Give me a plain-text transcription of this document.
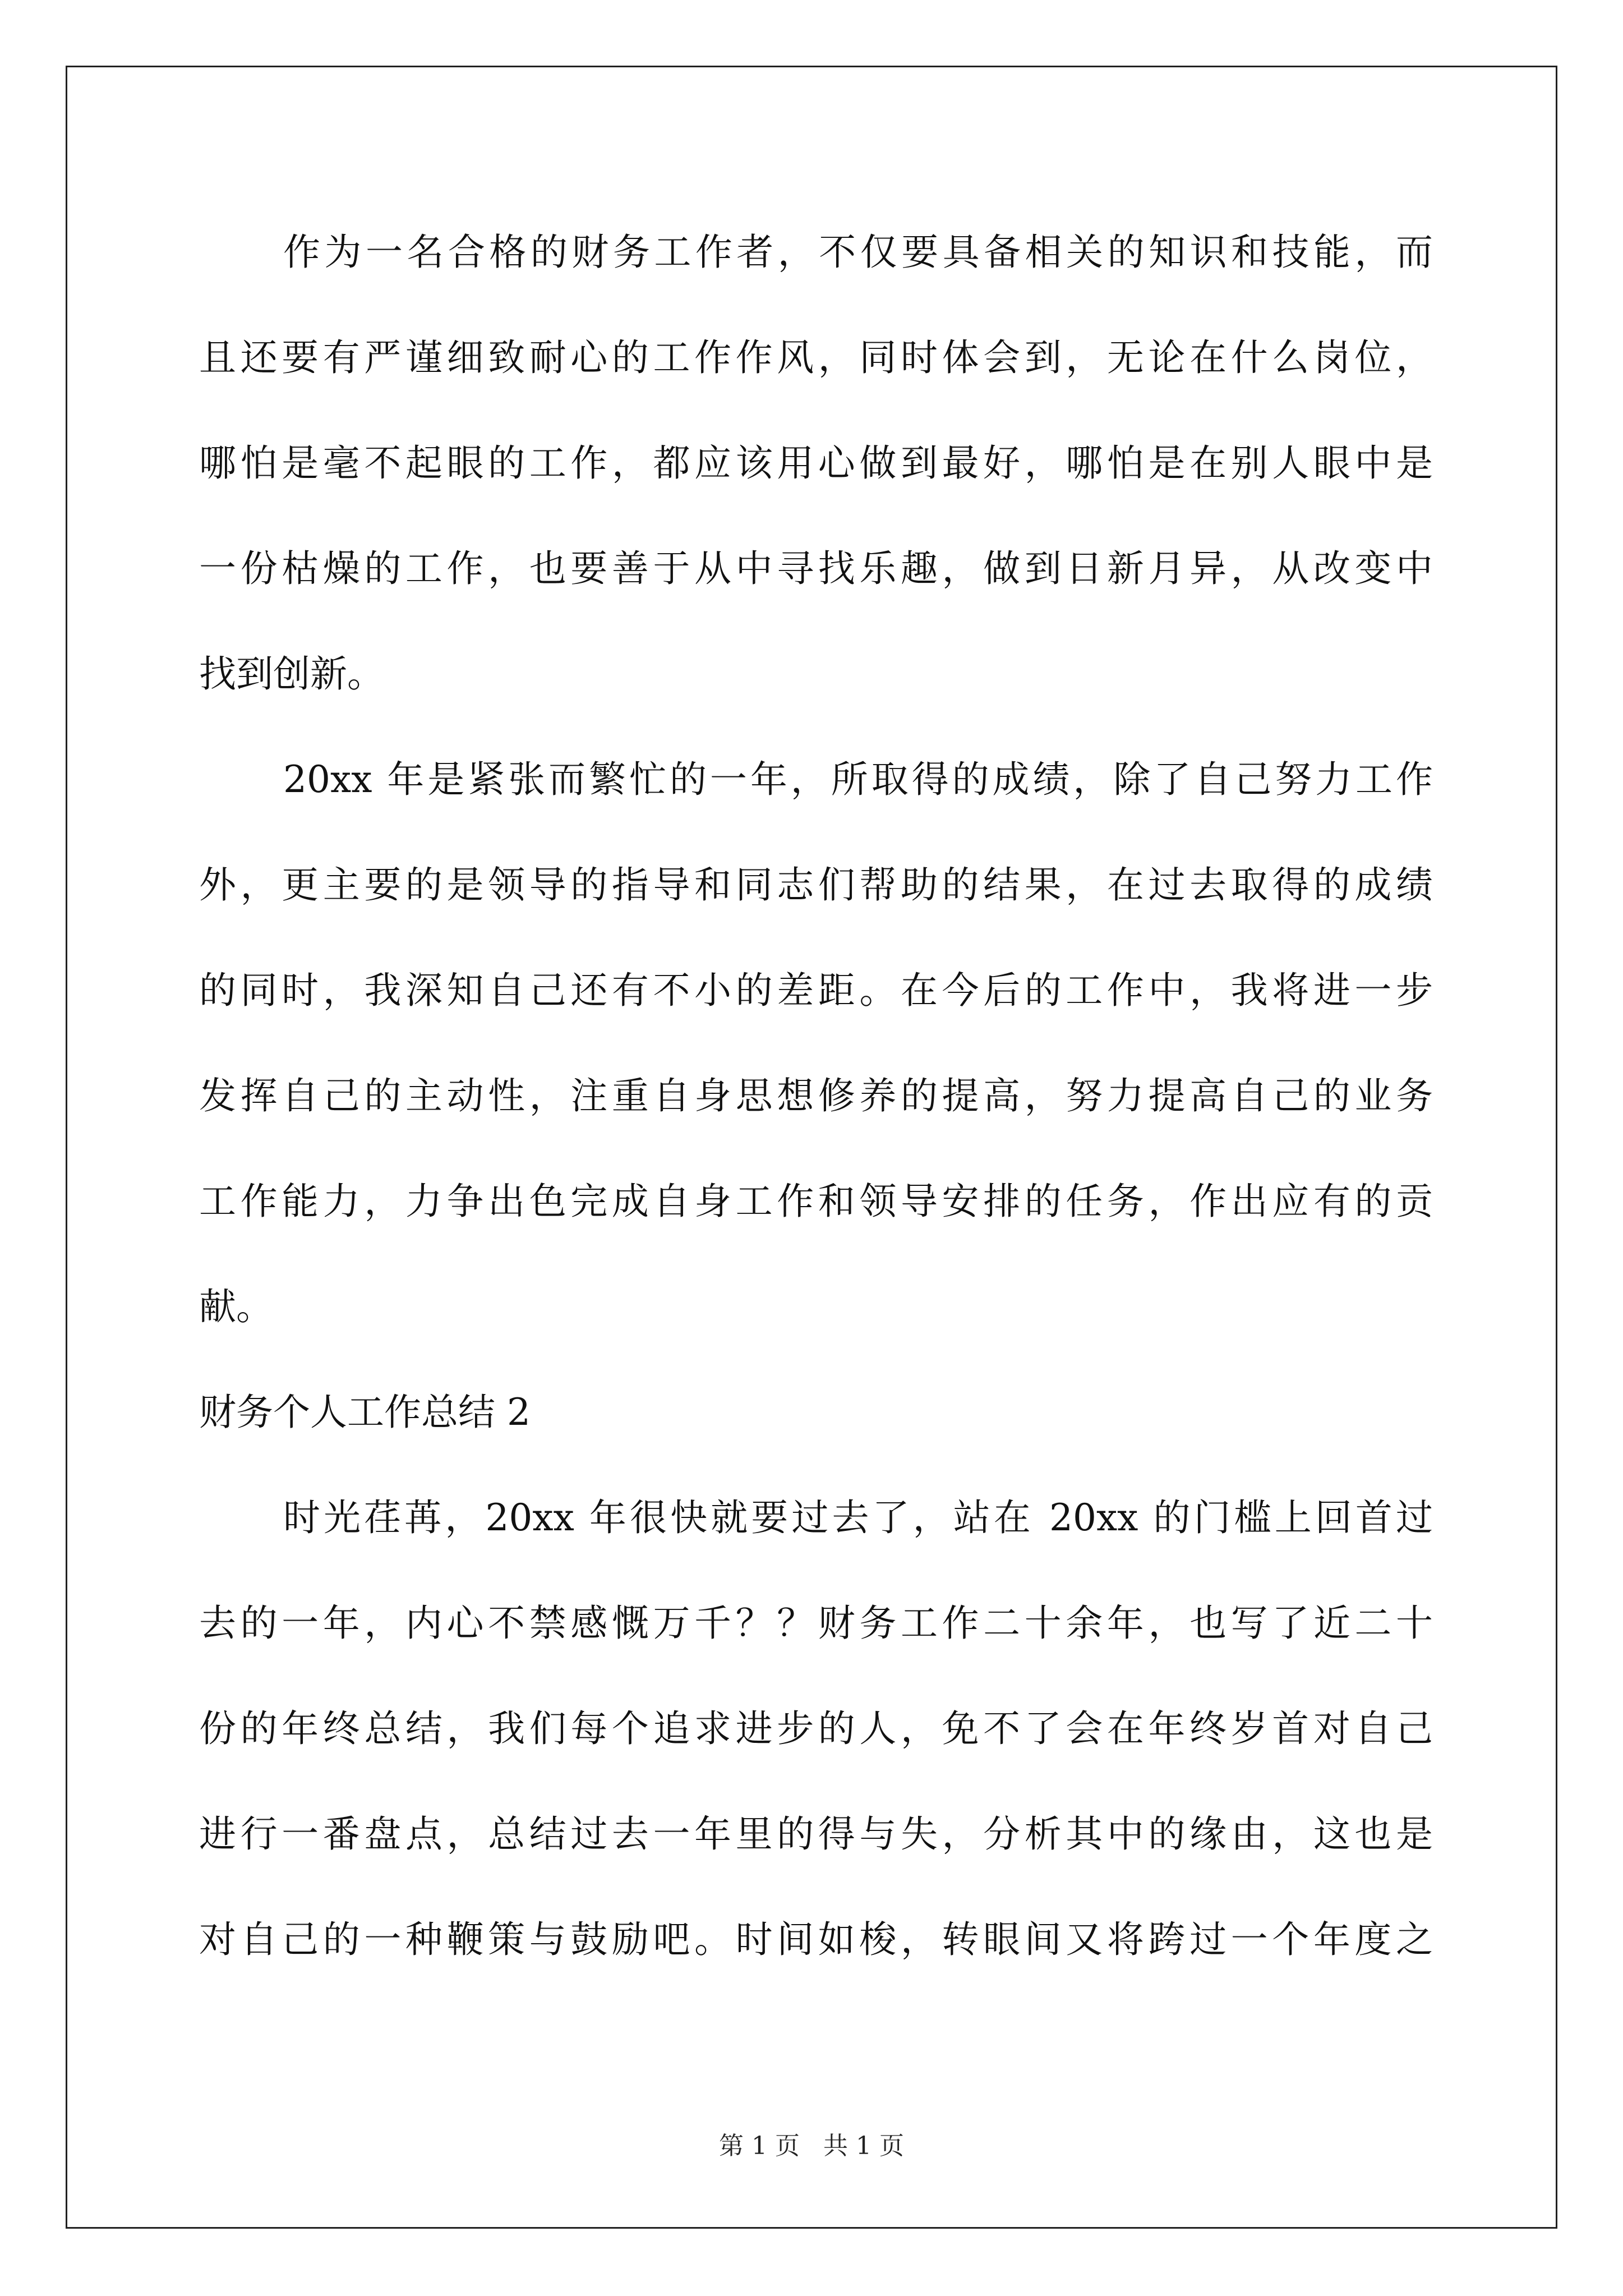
作为一名合格的财务工作者，不仅要具备相关的知识和技能，而
且还要有严谨细致耐心的工作作风，同时体会到，无论在什么岗位，
哪怕是毫不起眼的工作，都应该用心做到最好，哪怕是在别人眼中是
一份枯燥的工作，也要善于从中寻找乐趣，做到日新月异，从改变中
找到创新。
20xx 年是紧张而繁忙的一年，所取得的成绩，除了自己努力工作
外，更主要的是领导的指导和同志们帮助的结果，在过去取得的成绩
的同时，我深知自己还有不小的差距。在今后的工作中，我将进一步
发挥自己的主动性，注重自身思想修养的提高，努力提高自己的业务
工作能力，力争出色完成自身工作和领导安排的任务，作出应有的贡
献。
财务个人工作总结 2
时光荏苒，20xx 年很快就要过去了，站在 20xx 的门槛上回首过
去的一年，内心不禁感慨万千？？财务工作二十余年，也写了近二十
份的年终总结，我们每个追求进步的人，免不了会在年终岁首对自己
进行一番盘点，总结过去一年里的得与失，分析其中的缘由，这也是
对自己的一种鞭策与鼓励吧。时间如梭，转眼间又将跨过一个年度之
第 1 页   共 1 页
